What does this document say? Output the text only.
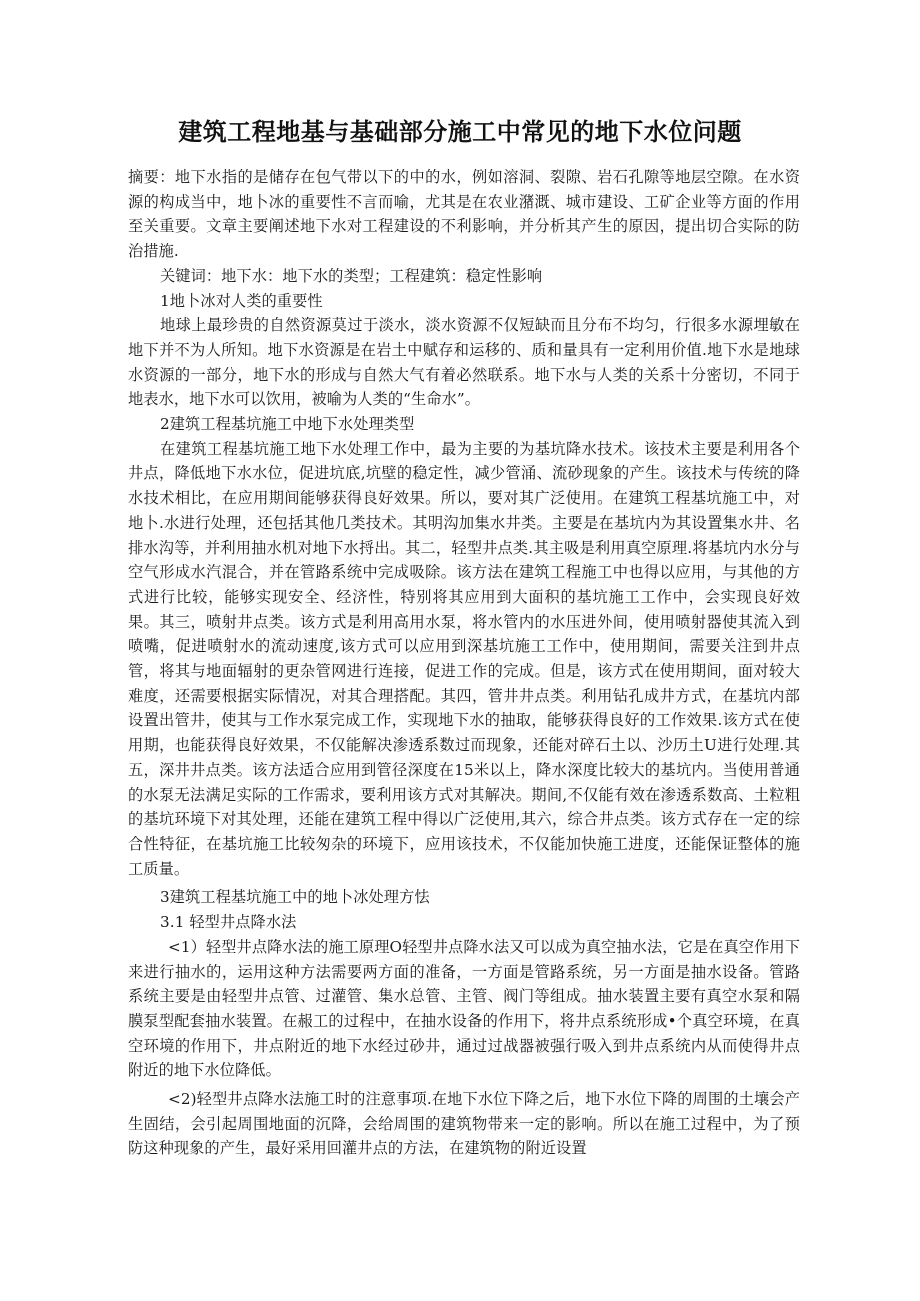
建筑工程地基与基础部分施工中常见的地下水位问题

摘要：地下水指的是储存在包气带以下的中的水，例如溶洞、裂隙、岩石孔隙等地层空隙。在水资源的构成当中，地卜冰的重要性不言而喻，尤其是在农业潴溉、城市建设、工矿企业等方面的作用至关重要。文章主要阐述地下水对工程建设的不利影响，并分析其产生的原因，提出切合实际的防治措施.

关键词：地下水：地下水的类型；工程建筑：稳定性影响

1地卜冰对人类的重要性

地球上最珍贵的自然资源莫过于淡水，淡水资源不仅短缺而且分布不均匀，行很多水源埋敏在地下并不为人所知。地下水资源是在岩土中赋存和运移的、质和量具有一定利用价值.地下水是地球水资源的一部分，地下水的形成与自然大气有着必然联系。地下水与人类的关系十分密切，不同于地表水，地下水可以饮用，被喻为人类的“生命水”。

2建筑工程基坑施工中地下水处理类型

在建筑工程基坑施工地下水处理工作中，最为主要的为基坑降水技术。该技术主要是利用各个井点，降低地下水水位，促进坑底,坑壁的稳定性，减少管涌、流砂现象的产生。该技术与传统的降水技术相比，在应用期间能够获得良好效果。所以，要对其广泛使用。在建筑工程基坑施工中，对地卜.水进行处理，还包括其他几类技术。其明沟加集水井类。主要是在基坑内为其设置集水井、名排水沟等，并利用抽水机对地下水捋出。其二，轻型井点类.其主吸是利用真空原理.将基坑内水分与空气形成水汽混合，并在管路系统中完成吸除。该方法在建筑工程施工中也得以应用，与其他的方式进行比较，能够实现安全、经济性，特别将其应用到大面积的基坑施工工作中，会实现良好效果。其三，喷射井点类。该方式是利用高用水泵，将水管内的水压进外间，使用喷射器使其流入到喷嘴，促进喷射水的流动速度,该方式可以应用到深基坑施工工作中，使用期间，需要关注到井点管，将其与地面辐射的更杂管网进行连接，促进工作的完成。但是，该方式在使用期间，面对较大难度，还需要根据实际情况，对其合理搭配。其四，管井井点类。利用钻孔成井方式，在基坑内部设置出管井，使其与工作水泵完成工作，实现地下水的抽取，能够获得良好的工作效果.该方式在使用期，也能获得良好效果，不仅能解决渗透系数过而现象，还能对碎石土以、沙历土U进行处理.其五，深井井点类。该方法适合应用到管径深度在15米以上，降水深度比较大的基坑内。当使用普通的水泵无法满足实际的工作需求，要利用该方式对其解决。期间,不仅能有效在渗透系数高、土粒粗的基坑环境下对其处理，还能在建筑工程中得以广泛使用,其六，综合井点类。该方式存在一定的综合性特征，在基坑施工比较匆杂的环境下，应用该技术，不仅能加快施工进度，还能保证整体的施工质量。

3建筑工程基坑施工中的地卜冰处理方怯

3.1 轻型井点降水法

<1）轻型井点降水法的施工原理O轻型井点降水法又可以成为真空抽水法，它是在真空作用下来进行抽水的，运用这种方法需要两方面的准备，一方面是管路系统，另一方面是抽水设备。管路系统主要是由轻型井点管、过灌管、集水总管、主管、阀门等组成。抽水装置主要有真空水泵和隔膜泵型配套抽水装置。在赧工的过程中，在抽水设备的作用下，将井点系统形成•个真空环境，在真空环境的作用下，井点附近的地下水经过砂井，通过过战器被强行吸入到井点系统内从而使得井点附近的地下水位降低。

<2)轻型井点降水法施工时的注意事项.在地下水位下降之后，地下水位下降的周围的土壤会产生固结，会引起周围地面的沉降，会给周围的建筑物带来一定的影响。所以在施工过程中，为了预防这种现象的产生，最好采用回灌井点的方法，在建筑物的附近设置
